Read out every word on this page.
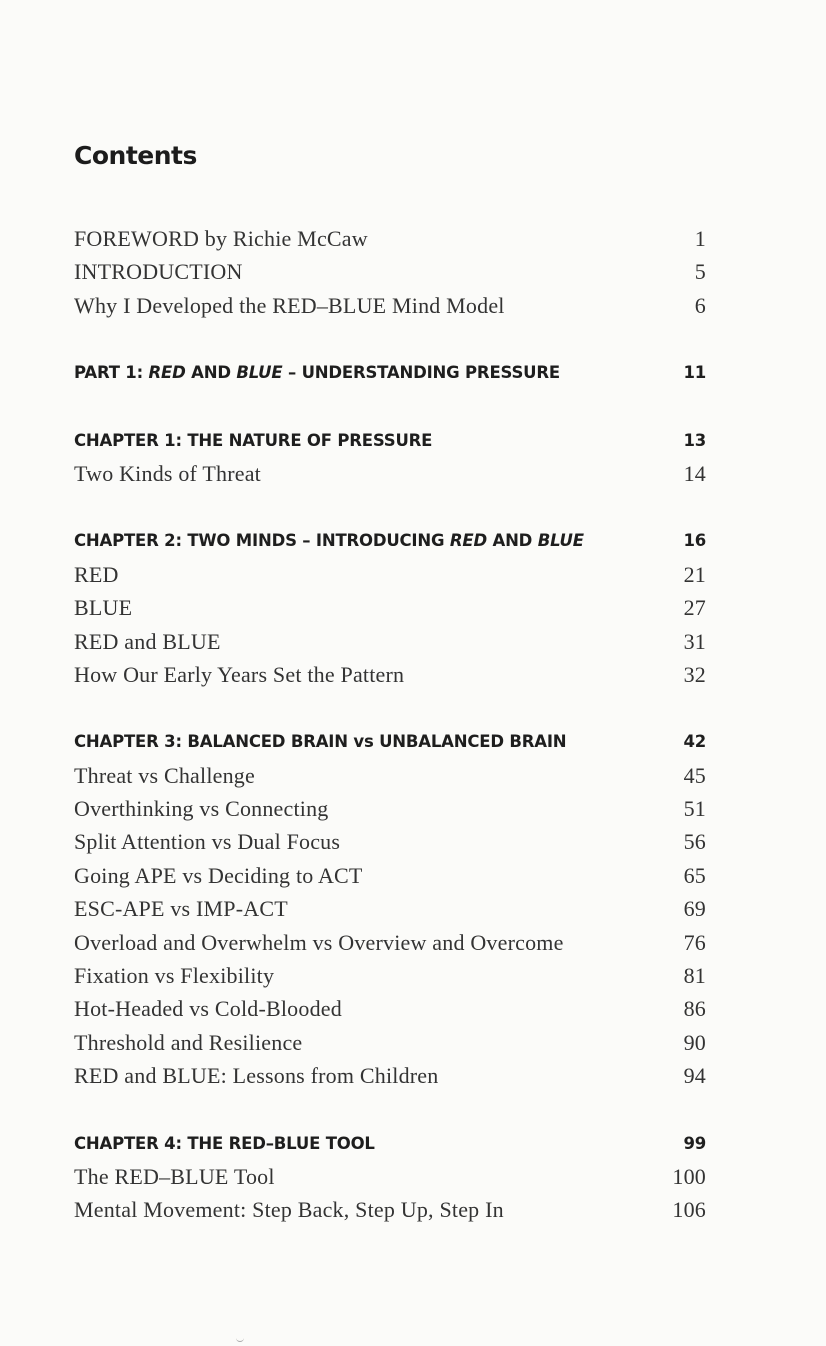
Contents
FOREWORD by Richie McCaw	1
INTRODUCTION	5
Why I Developed the RED–BLUE Mind Model	6
PART 1: RED AND BLUE – UNDERSTANDING PRESSURE	11
CHAPTER 1: THE NATURE OF PRESSURE	13
Two Kinds of Threat	14
CHAPTER 2: TWO MINDS – INTRODUCING RED AND BLUE	16
RED	21
BLUE	27
RED and BLUE	31
How Our Early Years Set the Pattern	32
CHAPTER 3: BALANCED BRAIN vs UNBALANCED BRAIN	42
Threat vs Challenge	45
Overthinking vs Connecting	51
Split Attention vs Dual Focus	56
Going APE vs Deciding to ACT	65
ESC-APE vs IMP-ACT	69
Overload and Overwhelm vs Overview and Overcome	76
Fixation vs Flexibility	81
Hot-Headed vs Cold-Blooded	86
Threshold and Resilience	90
RED and BLUE: Lessons from Children	94
CHAPTER 4: THE RED–BLUE TOOL	99
The RED–BLUE Tool	100
Mental Movement: Step Back, Step Up, Step In	106
